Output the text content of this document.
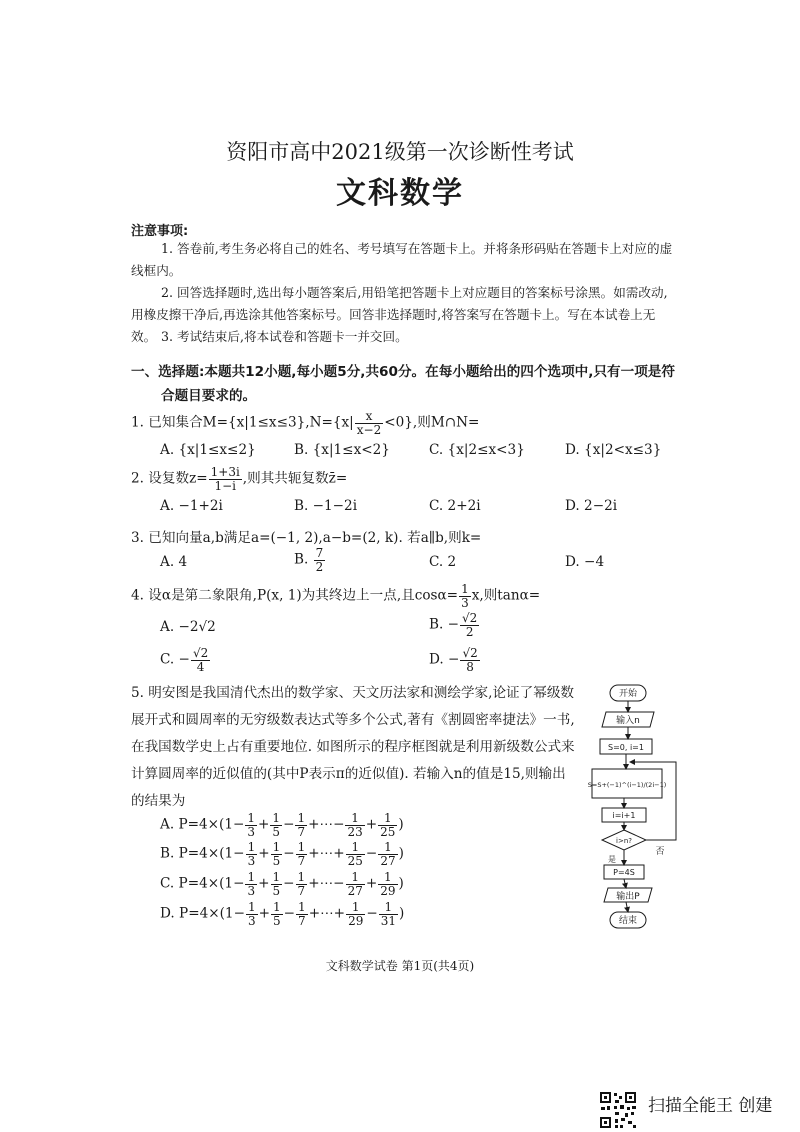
资阳市高中2021级第一次诊断性考试
文科数学
注意事项:
1. 答卷前,考生务必将自己的姓名、考号填写在答题卡上。并将条形码贴在答题卡上对应的虚线框内。
2. 回答选择题时,选出每小题答案后,用铅笔把答题卡上对应题目的答案标号涂黑。如需改动,用橡皮擦干净后,再选涂其他答案标号。回答非选择题时,将答案写在答题卡上。写在本试卷上无效。 3. 考试结束后,将本试卷和答题卡一并交回。
一、选择题:本题共12小题,每小题5分,共60分。在每小题给出的四个选项中,只有一项是符
合题目要求的。
1. 已知集合$M=\{x|1\le x\le 3\},N=\{x| \frac{x}{x-2} <0\}$,则M∩N=
A. {x|1≤x≤2}	B. {x|1≤x<2}	C. {x|2≤x<3}	D. {x|2<x≤3}
2. 设复数$z= \frac{1+3i}{1-i}$ ,则其共轭复数z̄=
A. −1+2i	B. −1−2i	C. 2+2i	D. 2−2i
3. 已知向量a,b满足a=(−1, 2),a−b=(2, k). 若a∥b,则k=
A. 4	B. $\frac{7}{2}$	C. 2	D. −4
4. 设α是第二象限角,P(x, 1)为其终边上一点,且$\cos\alpha= \frac{1}{3} x$,则tanα=
A. −2√2	B. − $\frac{√2}{2}$
C. − $\frac{√2}{4}$	D. − $\frac{√2}{8}$
5. 明安图是我国清代杰出的数学家、天文历法家和测绘学家,论证了幂级数展开式和圆周率的无穷级数表达式等多个公式,著有《割圆密率捷法》一书,在我国数学史上占有重要地位. 如图所示的程序框图就是利用新级数公式来计算圆周率的近似值的(其中P表示π的近似值). 若输入n的值是15,则输出的结果为
A. $P=4\times(1- \frac{1}{3} + \frac{1}{5} - \frac{1}{7}$ +⋯− $\frac{1}{23} + \frac{1}{25}$ )
B. $P=4\times(1- \frac{1}{3} + \frac{1}{5} - \frac{1}{7}$ +⋯+ $\frac{1}{25} - \frac{1}{27}$ )
C. $P=4\times(1- \frac{1}{3} + \frac{1}{5} - \frac{1}{7}$ +⋯− $\frac{1}{27} + \frac{1}{29}$ )
D. $P=4\times(1- \frac{1}{3} + \frac{1}{5} - \frac{1}{7}$ +⋯+ $\frac{1}{29} - \frac{1}{31}$ )
开始
输入n
S=0, i=1
S=S+(−1)^(i−1)/(2i−1)
i=i+1
i>n?
否
是
P=4S
输出P
结束
文科数学试卷 第1页(共4页)
扫描全能王 创建
